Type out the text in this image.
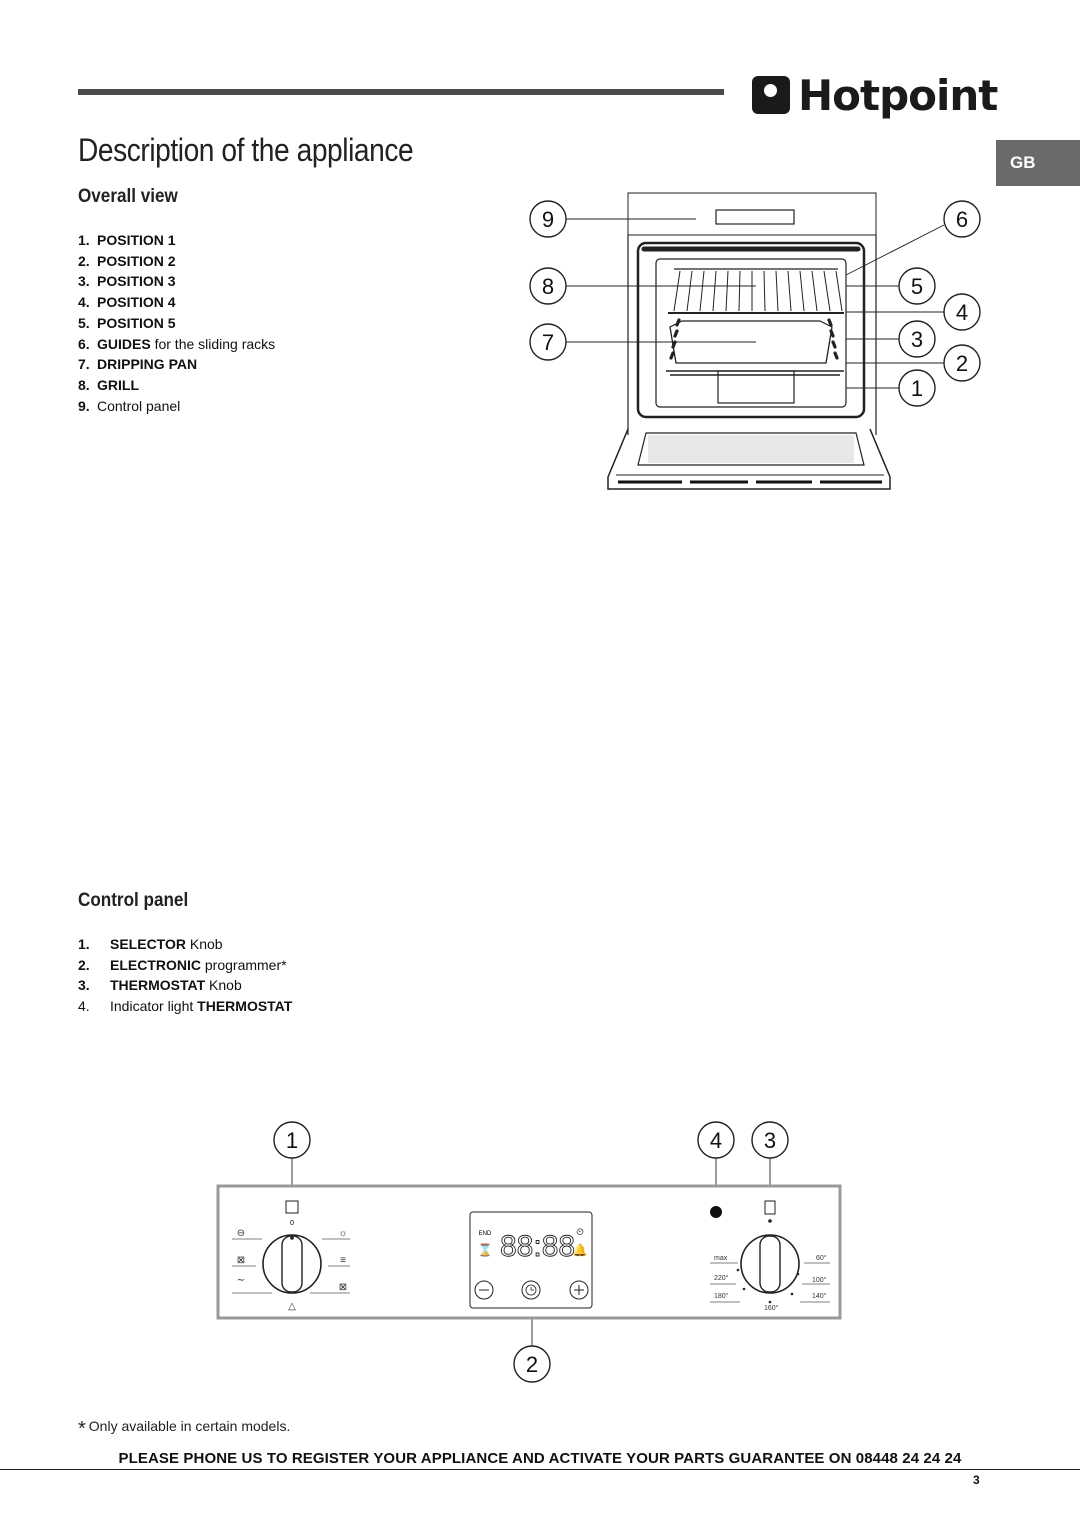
Hotpoint
GB
Description of the appliance
Overall view
1. POSITION 1
2. POSITION 2
3. POSITION 3
4. POSITION 4
5. POSITION 5
6. GUIDES for the sliding racks
7. DRIPPING PAN
8. GRILL
9. Control panel
9
8
7
6
5
4
3
2
1
Control panel
1. SELECTOR Knob
2. ELECTRONIC programmer*
3. THERMOSTAT Knob
4. Indicator light THERMOSTAT
1	4 3
2
0
⊖
⊠
∼
☼
≡
⊠
△
END
⌛ 88:88 ⏲
🔔
max
220°
180°
160°
140°
100°
60°
* Only available in certain models.
PLEASE PHONE US TO REGISTER YOUR APPLIANCE AND ACTIVATE YOUR PARTS GUARANTEE ON 08448 24 24 24
3
